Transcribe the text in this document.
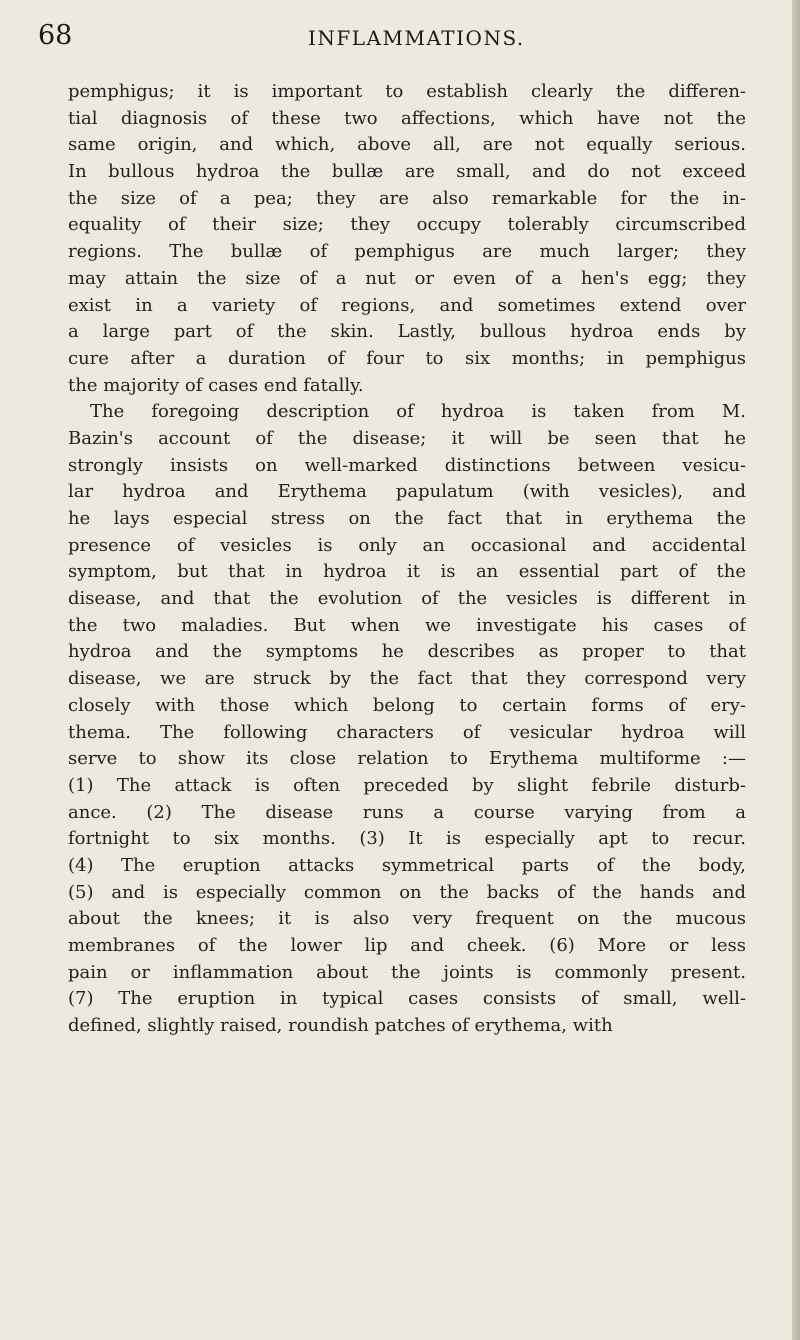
68	INFLAMMATIONS.
pemphigus; it is important to establish clearly the differen-
tial diagnosis of these two affections, which have not the
same origin, and which, above all, are not equally serious.
In bullous hydroa the bullæ are small, and do not exceed
the size of a pea; they are also remarkable for the in-
equality of their size; they occupy tolerably circumscribed
regions. The bullæ of pemphigus are much larger; they
may attain the size of a nut or even of a hen's egg; they
exist in a variety of regions, and sometimes extend over
a large part of the skin. Lastly, bullous hydroa ends by
cure after a duration of four to six months; in pemphigus
the majority of cases end fatally.
The foregoing description of hydroa is taken from M.
Bazin's account of the disease; it will be seen that he
strongly insists on well-marked distinctions between vesicu-
lar hydroa and Erythema papulatum (with vesicles), and
he lays especial stress on the fact that in erythema the
presence of vesicles is only an occasional and accidental
symptom, but that in hydroa it is an essential part of the
disease, and that the evolution of the vesicles is different in
the two maladies. But when we investigate his cases of
hydroa and the symptoms he describes as proper to that
disease, we are struck by the fact that they correspond very
closely with those which belong to certain forms of ery-
thema. The following characters of vesicular hydroa will
serve to show its close relation to Erythema multiforme :—
(1) The attack is often preceded by slight febrile disturb-
ance. (2) The disease runs a course varying from a
fortnight to six months. (3) It is especially apt to recur.
(4) The eruption attacks symmetrical parts of the body,
(5) and is especially common on the backs of the hands and
about the knees; it is also very frequent on the mucous
membranes of the lower lip and cheek. (6) More or less
pain or inflammation about the joints is commonly present.
(7) The eruption in typical cases consists of small, well-
defined, slightly raised, roundish patches of erythema, with
